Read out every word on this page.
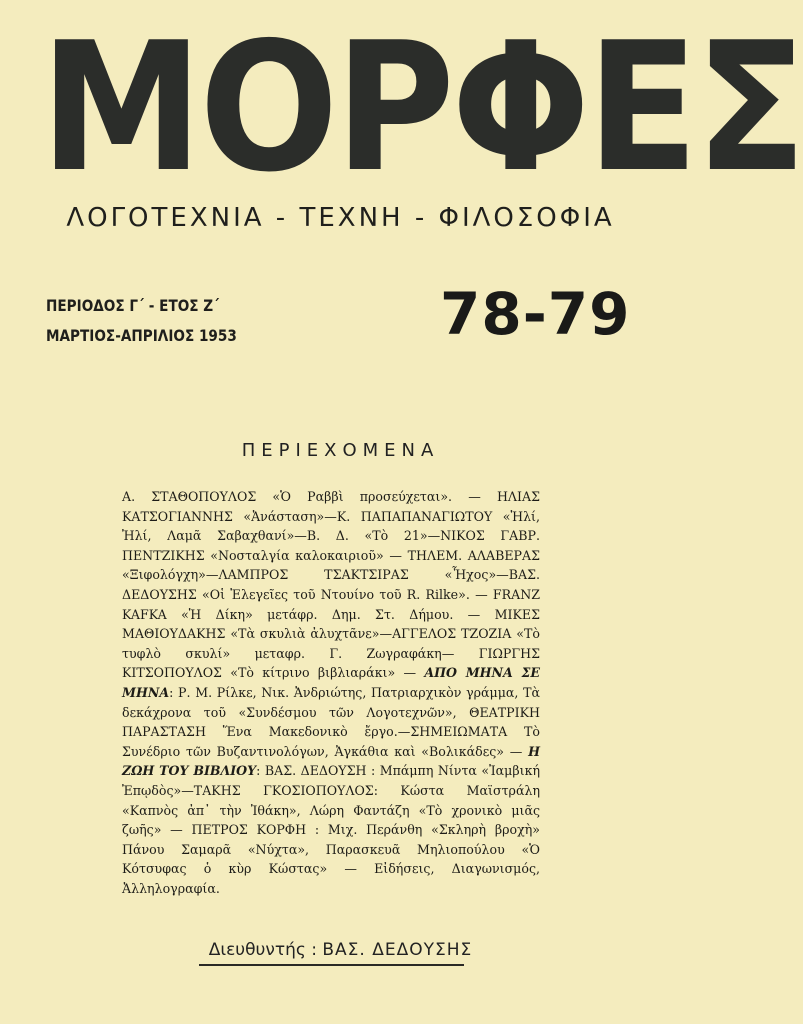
ΜΟΡΦΕΣ
ΛΟΓΟΤΕΧΝΙΑ - ΤΕΧΝΗ - ΦΙΛΟΣΟΦΙΑ
ΠΕΡΙΟΔΟΣ Γ΄ - ΕΤΟΣ Ζ΄
ΜΑΡΤΙΟΣ-ΑΠΡΙΛΙΟΣ 1953	78-79
ΠΕΡΙΕΧΟΜΕΝΑ
Α. ΣΤΑΘΟΠΟΥΛΟΣ «Ὁ Ραββὶ προσεύχεται». — ΗΛΙΑΣ ΚΑΤΣΟΓΙΑΝΝΗΣ «Ἀνάσταση»—Κ. ΠΑΠΑΠΑΝΑΓΙΩΤΟΥ «Ἠλί, Ἠλί, Λαμᾶ Σαβαχθανί»—Β. Δ. «Τὸ 21»—ΝΙΚΟΣ ΓΑΒΡ. ΠΕΝΤΖΙΚΗΣ «Νοσταλγία καλοκαιριοῦ» — ΤΗΛΕΜ. ΑΛΑΒΕΡΑΣ «Ξιφολόγχη»—ΛΑΜΠΡΟΣ ΤΣΑΚΤΣΙΡΑΣ «Ἦχος»—ΒΑΣ. ΔΕΔΟΥΣΗΣ «Οἱ Ἐλεγεῖες τοῦ Ντουίνο τοῦ R. Rilke». — FRANZ KAFKA «Ἡ Δίκη» μετάφρ. Δημ. Στ. Δήμου. — ΜΙΚΕΣ ΜΑΘΙΟΥΔΑΚΗΣ «Τὰ σκυλιὰ ἀλυχτᾶνε»—ΑΓΓΕΛΟΣ ΤΖΟΖΙΑ «Τὸ τυφλὸ σκυλί» μεταφρ. Γ. Ζωγραφάκη— ΓΙΩΡΓΗΣ ΚΙΤΣΟΠΟΥΛΟΣ «Τὸ κίτρινο βιβλιαράκι» — ΑΠΟ ΜΗΝΑ ΣΕ ΜΗΝΑ: Ρ. Μ. Ρίλκε, Νικ. Ἀνδριώτης, Πατριαρχικὸν γράμμα, Τὰ δεκάχρονα τοῦ «Συνδέσμου τῶν Λογοτεχνῶν», ΘΕΑΤΡΙΚΗ ΠΑΡΑΣΤΑΣΗ Ἕνα Μακεδονικὸ ἔργο.—ΣΗΜΕΙΩΜΑΤΑ Τὸ Συνέδριο τῶν Βυζαντινολόγων, Ἀγκάθια καὶ «Βολικάδες» — Η ΖΩΗ ΤΟΥ ΒΙΒΛΙΟΥ: ΒΑΣ. ΔΕΔΟΥΣΗ : Μπάμπη Νίντα «Ἰαμβική Ἐπῳδὸς»—ΤΑΚΗΣ ΓΚΟΣΙΟΠΟΥΛΟΣ: Κώστα Μαϊστράλη «Καπνὸς ἀπ᾽ τὴν Ἰθάκη», Λώρη Φαντάζη «Τὸ χρονικὸ μιᾶς ζωῆς» — ΠΕΤΡΟΣ ΚΟΡΦΗ : Μιχ. Περάνθη «Σκληρὴ βροχὴ» Πάνου Σαμαρᾶ «Νύχτα», Παρασκευᾶ Μηλιοπούλου «Ὁ Κότσυφας ὁ κὺρ Κώστας» — Εἰδήσεις, Διαγωνισμός, Ἀλληλογραφία.
Διευθυντής : ΒΑΣ. ΔΕΔΟΥΣΗΣ
